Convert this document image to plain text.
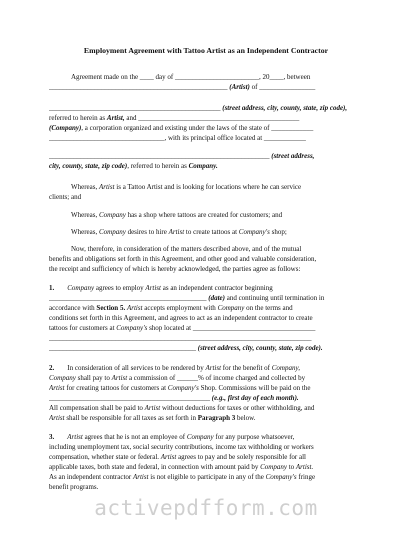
Employment Agreement with Tattoo Artist as an Independent Contractor
Agreement made on the ____ day of ________________________, 20____, between
___________________________________________________ (Artist) of ________________
_________________________________________________ (street address, city, county, state, zip code),
referred to herein as Artist, and ______________________________________________
(Company), a corporation organized and existing under the laws of the state of ____________
_________________________________, with its principal office located at ____________
_______________________________________________________________ (street address,
city, county, state, zip code), referred to herein as Company.
Whereas, Artist is a Tattoo Artist and is looking for locations where he can service
clients; and
Whereas, Company has a shop where tattoos are created for customers; and
Whereas, Company desires to hire Artist to create tattoos at Company's shop;
Now, therefore, in consideration of the matters described above, and of the mutual
benefits and obligations set forth in this Agreement, and other good and valuable consideration,
the receipt and sufficiency of which is hereby acknowledged, the parties agree as follows:
1. Company agrees to employ Artist as an independent contractor beginning
_____________________________________________ (date) and continuing until termination in
accordance with Section 5. Artist accepts employment with Company on the terms and
conditions set forth in this Agreement, and agrees to act as an independent contractor to create
tattoos for customers at Company's shop located at ___________________________________
___________________________________________________________________________
__________________________________________ (street address, city, county, state, zip code).
2. In consideration of all services to be rendered by Artist for the benefit of Company,
Company shall pay to Artist a commission of ______% of income charged and collected by
Artist for creating tattoos for customers at Company's Shop. Commissions will be paid on the
______________________________________________ (e.g., first day of each month).
All compensation shall be paid to Artist without deductions for taxes or other withholding, and
Artist shall be responsible for all taxes as set forth in Paragraph 3 below.
3. Artist agrees that he is not an employee of Company for any purpose whatsoever,
including unemployment tax, social security contributions, income tax withholding or workers
compensation, whether state or federal. Artist agrees to pay and be solely responsible for all
applicable taxes, both state and federal, in connection with amount paid by Company to Artist.
As an independent contractor Artist is not eligible to participate in any of the Company's fringe
benefit programs.
activepdfform.com
